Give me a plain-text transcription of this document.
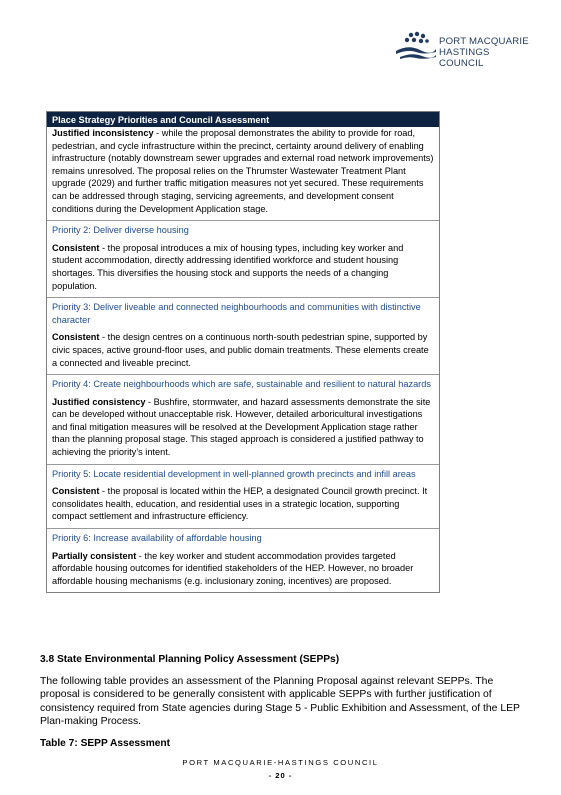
PORT MACQUARIE
HASTINGS COUNCIL
Place Strategy Priorities and Council Assessment
Justified inconsistency - while the proposal demonstrates the ability to provide for road, pedestrian, and cycle infrastructure within the precinct, certainty around delivery of enabling infrastructure (notably downstream sewer upgrades and external road network improvements) remains unresolved. The proposal relies on the Thrumster Wastewater Treatment Plant upgrade (2029) and further traffic mitigation measures not yet secured. These requirements can be addressed through staging, servicing agreements, and development consent conditions during the Development Application stage.
Priority 2: Deliver diverse housing
Consistent - the proposal introduces a mix of housing types, including key worker and student accommodation, directly addressing identified workforce and student housing shortages. This diversifies the housing stock and supports the needs of a changing population.
Priority 3: Deliver liveable and connected neighbourhoods and communities with distinctive character
Consistent - the design centres on a continuous north-south pedestrian spine, supported by civic spaces, active ground-floor uses, and public domain treatments. These elements create a connected and liveable precinct.
Priority 4: Create neighbourhoods which are safe, sustainable and resilient to natural hazards
Justified consistency - Bushfire, stormwater, and hazard assessments demonstrate the site can be developed without unacceptable risk. However, detailed arboricultural investigations and final mitigation measures will be resolved at the Development Application stage rather than the planning proposal stage. This staged approach is considered a justified pathway to achieving the priority’s intent.
Priority 5: Locate residential development in well-planned growth precincts and infill areas
Consistent - the proposal is located within the HEP, a designated Council growth precinct. It consolidates health, education, and residential uses in a strategic location, supporting compact settlement and infrastructure efficiency.
Priority 6: Increase availability of affordable housing
Partially consistent - the key worker and student accommodation provides targeted affordable housing outcomes for identified stakeholders of the HEP. However, no broader affordable housing mechanisms (e.g. inclusionary zoning, incentives) are proposed.
3.8 State Environmental Planning Policy Assessment (SEPPs)
The following table provides an assessment of the Planning Proposal against relevant SEPPs. The proposal is considered to be generally consistent with applicable SEPPs with further justification of consistency required from State agencies during Stage 5 - Public Exhibition and Assessment, of the LEP Plan-making Process.
Table 7: SEPP Assessment
PORT MACQUARIE-HASTINGS COUNCIL
- 20 -
